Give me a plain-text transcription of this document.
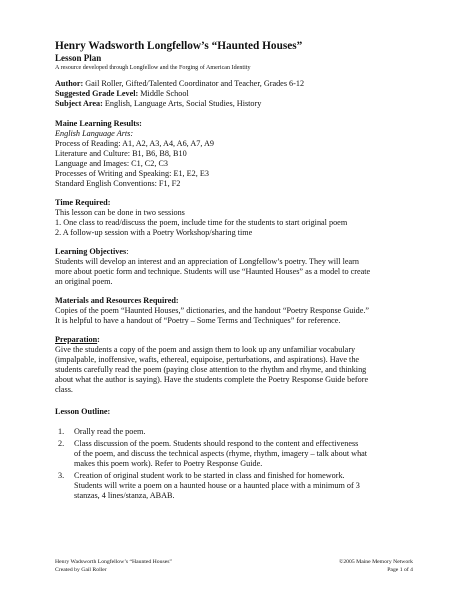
Henry Wadsworth Longfellow’s “Haunted Houses”
Lesson Plan
A resource developed through Longfellow and the Forging of American Identity
Author: Gail Roller, Gifted/Talented Coordinator and Teacher, Grades 6-12
Suggested Grade Level: Middle School
Subject Area: English, Language Arts, Social Studies, History
Maine Learning Results:
English Language Arts:
Process of Reading: A1, A2, A3, A4, A6, A7, A9
Literature and Culture: B1, B6, B8, B10
Language and Images: C1, C2, C3
Processes of Writing and Speaking: E1, E2, E3
Standard English Conventions: F1, F2
Time Required:
This lesson can be done in two sessions
1. One class to read/discuss the poem, include time for the students to start original poem
2. A follow-up session with a Poetry Workshop/sharing time
Learning Objectives:
Students will develop an interest and an appreciation of Longfellow’s poetry. They will learn
more about poetic form and technique. Students will use “Haunted Houses” as a model to create
an original poem.
Materials and Resources Required:
Copies of the poem “Haunted Houses,” dictionaries, and the handout “Poetry Response Guide.”
It is helpful to have a handout of “Poetry – Some Terms and Techniques” for reference.
Preparation:
Give the students a copy of the poem and assign them to look up any unfamiliar vocabulary
(impalpable, inoffensive, wafts, ethereal, equipoise, perturbations, and aspirations). Have the
students carefully read the poem (paying close attention to the rhythm and rhyme, and thinking
about what the author is saying). Have the students complete the Poetry Response Guide before
class.
Lesson Outline:
1. Orally read the poem.
2. Class discussion of the poem. Students should respond to the content and effectiveness
of the poem, and discuss the technical aspects (rhyme, rhythm, imagery – talk about what
makes this poem work). Refer to Poetry Response Guide.
3. Creation of original student work to be started in class and finished for homework.
Students will write a poem on a haunted house or a haunted place with a minimum of 3
stanzas, 4 lines/stanza, ABAB.
Henry Wadsworth Longfellow’s “Haunted Houses”
Created by Gail Roller
©2005 Maine Memory Network
Page 1 of 4
